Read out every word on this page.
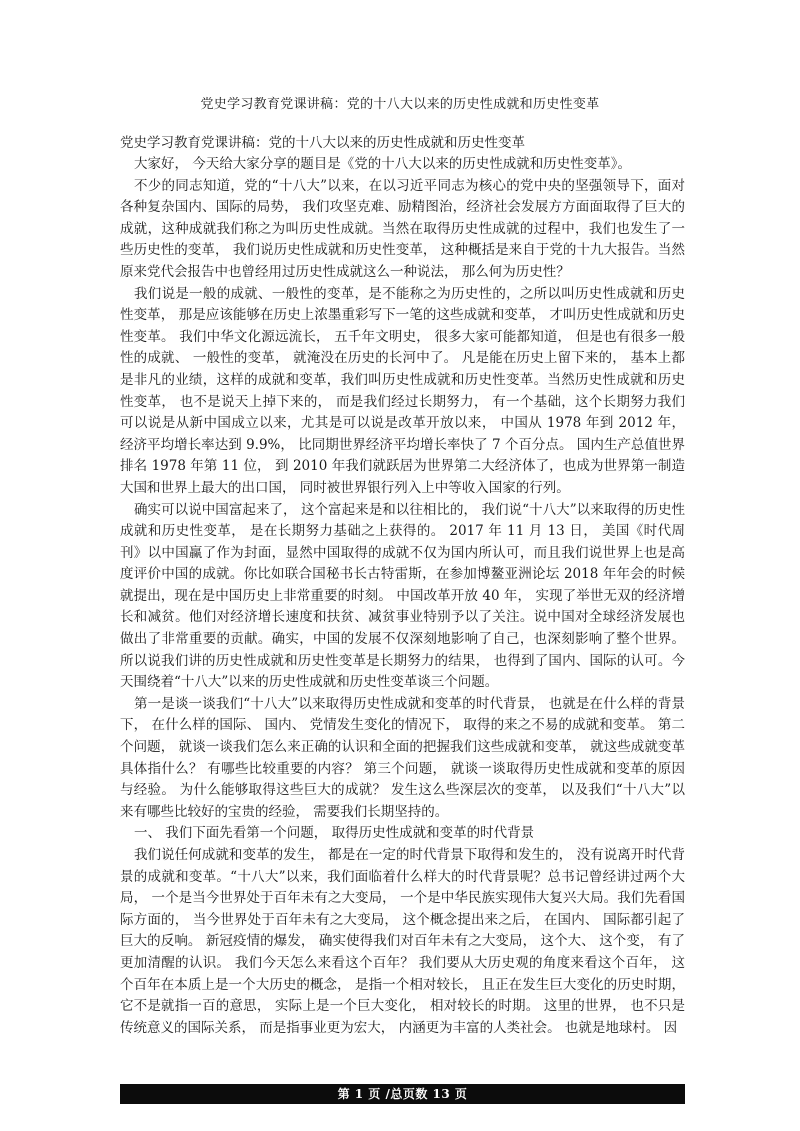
党史学习教育党课讲稿：党的十八大以来的历史性成就和历史性变革
党史学习教育党课讲稿：党的十八大以来的历史性成就和历史性变革

大家好， 今天给大家分享的题目是《党的十八大以来的历史性成就和历史性变革》。

不少的同志知道，党的“十八大”以来，在以习近平同志为核心的党中央的坚强领导下，面对各种复杂国内、国际的局势， 我们攻坚克难、励精图治，经济社会发展方方面面取得了巨大的成就，这种成就我们称之为叫历史性成就。当然在取得历史性成就的过程中，我们也发生了一些历史性的变革， 我们说历史性成就和历史性变革， 这种概括是来自于党的十九大报告。当然原来党代会报告中也曾经用过历史性成就这么一种说法， 那么何为历史性？

我们说是一般的成就、一般性的变革，是不能称之为历史性的，之所以叫历史性成就和历史性变革， 那是应该能够在历史上浓墨重彩写下一笔的这些成就和变革， 才叫历史性成就和历史性变革。 我们中华文化源远流长， 五千年文明史， 很多大家可能都知道， 但是也有很多一般性的成就、 一般性的变革， 就淹没在历史的长河中了。 凡是能在历史上留下来的， 基本上都是非凡的业绩，这样的成就和变革，我们叫历史性成就和历史性变革。当然历史性成就和历史性变革， 也不是说天上掉下来的， 而是我们经过长期努力， 有一个基础，这个长期努力我们可以说是从新中国成立以来，尤其是可以说是改革开放以来， 中国从 1978 年到 2012 年， 经济平均增长率达到 9.9%， 比同期世界经济平均增长率快了 7 个百分点。 国内生产总值世界排名 1978 年第 11 位， 到 2010 年我们就跃居为世界第二大经济体了，也成为世界第一制造大国和世界上最大的出口国， 同时被世界银行列入上中等收入国家的行列。

确实可以说中国富起来了， 这个富起来是和以往相比的， 我们说“十八大”以来取得的历史性成就和历史性变革， 是在长期努力基础之上获得的。 2017 年 11 月 13 日， 美国《时代周刊》以中国赢了作为封面，显然中国取得的成就不仅为国内所认可，而且我们说世界上也是高度评价中国的成就。你比如联合国秘书长古特雷斯，在参加博鳌亚洲论坛 2018 年年会的时候就提出，现在是中国历史上非常重要的时刻。 中国改革开放 40 年， 实现了举世无双的经济增长和减贫。他们对经济增长速度和扶贫、减贫事业特别予以了关注。说中国对全球经济发展也做出了非常重要的贡献。确实，中国的发展不仅深刻地影响了自己，也深刻影响了整个世界。所以说我们讲的历史性成就和历史性变革是长期努力的结果， 也得到了国内、国际的认可。今天围绕着“十八大”以来的历史性成就和历史性变革谈三个问题。

第一是谈一谈我们“十八大”以来取得历史性成就和变革的时代背景， 也就是在什么样的背景下， 在什么样的国际、 国内、 党情发生变化的情况下， 取得的来之不易的成就和变革。 第二个问题， 就谈一谈我们怎么来正确的认识和全面的把握我们这些成就和变革， 就这些成就变革具体指什么？ 有哪些比较重要的内容？ 第三个问题， 就谈一谈取得历史性成就和变革的原因与经验。 为什么能够取得这些巨大的成就？ 发生这么些深层次的变革， 以及我们“十八大”以来有哪些比较好的宝贵的经验， 需要我们长期坚持的。

一、 我们下面先看第一个问题， 取得历史性成就和变革的时代背景

我们说任何成就和变革的发生， 都是在一定的时代背景下取得和发生的， 没有说离开时代背景的成就和变革。“十八大”以来，我们面临着什么样大的时代背景呢？总书记曾经讲过两个大局， 一个是当今世界处于百年未有之大变局， 一个是中华民族实现伟大复兴大局。我们先看国际方面的， 当今世界处于百年未有之大变局， 这个概念提出来之后， 在国内、 国际都引起了巨大的反响。 新冠疫情的爆发， 确实使得我们对百年未有之大变局， 这个大、 这个变， 有了更加清醒的认识。 我们今天怎么来看这个百年？ 我们要从大历史观的角度来看这个百年， 这个百年在本质上是一个大历史的概念， 是指一个相对较长， 且正在发生巨大变化的历史时期，它不是就指一百的意思， 实际上是一个巨大变化， 相对较长的时期。 这里的世界， 也不只是传统意义的国际关系， 而是指事业更为宏大， 内涵更为丰富的人类社会。 也就是地球村。 因

第 1 页 /总页数 13 页
